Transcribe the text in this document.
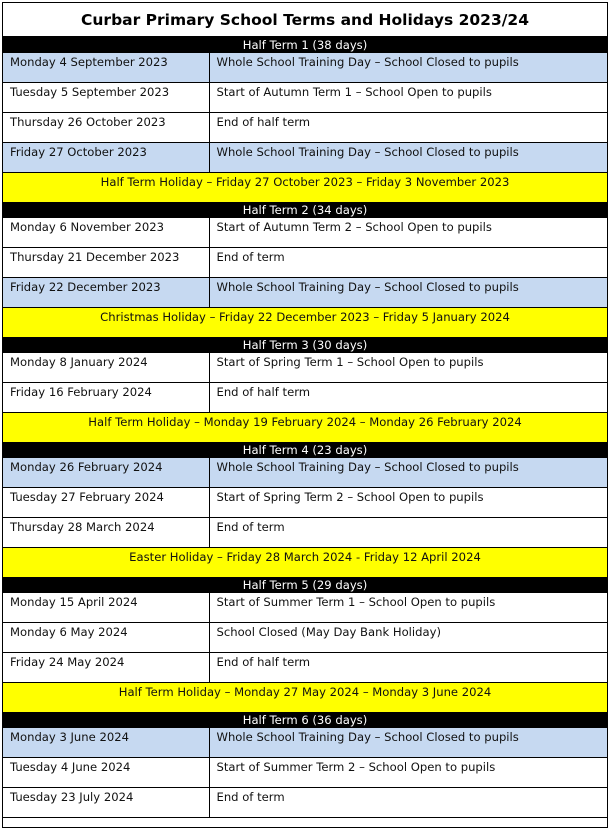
Curbar Primary School Terms and Holidays 2023/24
Half Term 1 (38 days)	
Monday 4 September 2023	Whole School Training Day – School Closed to pupils
Tuesday 5 September 2023	Start of Autumn Term 1 – School Open to pupils
Thursday 26 October 2023	End of half term
Friday 27 October 2023	Whole School Training Day – School Closed to pupils
Half Term Holiday – Friday 27 October 2023 – Friday 3 November 2023	
Half Term 2 (34 days)	
Monday 6 November 2023	Start of Autumn Term 2 – School Open to pupils
Thursday 21 December 2023	End of term
Friday 22 December 2023	Whole School Training Day – School Closed to pupils
Christmas Holiday – Friday 22 December 2023 – Friday 5 January 2024	
Half Term 3 (30 days)	
Monday 8 January 2024	Start of Spring Term 1 – School Open to pupils
Friday 16 February 2024	End of half term
Half Term Holiday – Monday 19 February 2024 – Monday 26 February 2024	
Half Term 4 (23 days)	
Monday 26 February 2024	Whole School Training Day – School Closed to pupils
Tuesday 27 February 2024	Start of Spring Term 2 – School Open to pupils
Thursday 28 March 2024	End of term
Easter Holiday – Friday 28 March 2024 - Friday 12 April 2024	
Half Term 5 (29 days)	
Monday 15 April 2024	Start of Summer Term 1 – School Open to pupils
Monday 6 May 2024	School Closed (May Day Bank Holiday)
Friday 24 May 2024	End of half term
Half Term Holiday – Monday 27 May 2024 – Monday 3 June 2024	
Half Term 6 (36 days)	
Monday 3 June 2024	Whole School Training Day – School Closed to pupils
Tuesday 4 June 2024	Start of Summer Term 2 – School Open to pupils
Tuesday 23 July 2024	End of term
